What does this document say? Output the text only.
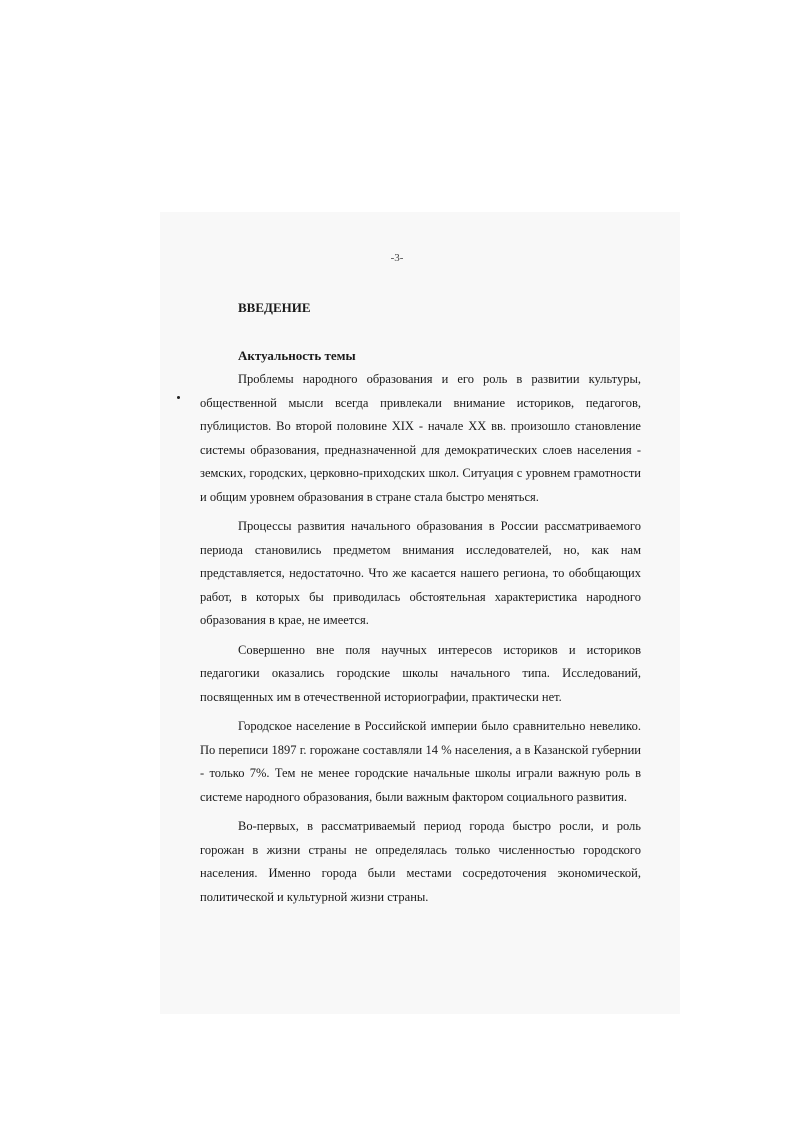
-3-
ВВЕДЕНИЕ
Актуальность темы

Проблемы народного образования и его роль в развитии культуры, общественной мысли всегда привлекали внимание историков, педагогов, публицистов. Во второй половине XIX - начале XX вв. произошло становление системы образования, предназначенной для демократических слоев населения - земских, городских, церковно-приходских школ. Ситуация с уровнем грамотности и общим уровнем образования в стране стала быстро меняться.

Процессы развития начального образования в России рассматриваемого периода становились предметом внимания исследователей, но, как нам представляется, недостаточно. Что же касается нашего региона, то обобщающих работ, в которых бы приводилась обстоятельная характеристика народного образования в крае, не имеется.

Совершенно вне поля научных интересов историков и историков педагогики оказались городские школы начального типа. Исследований, посвященных им в отечественной историографии, практически нет.

Городское население в Российской империи было сравнительно невелико. По переписи 1897 г. горожане составляли 14 % населения, а в Казанской губернии - только 7%. Тем не менее городские начальные школы играли важную роль в системе народного образования, были важным фактором социального развития.

Во-первых, в рассматриваемый период города быстро росли, и роль горожан в жизни страны не определялась только численностью городского населения. Именно города были местами сосредоточения экономической, политической и культурной жизни страны.
